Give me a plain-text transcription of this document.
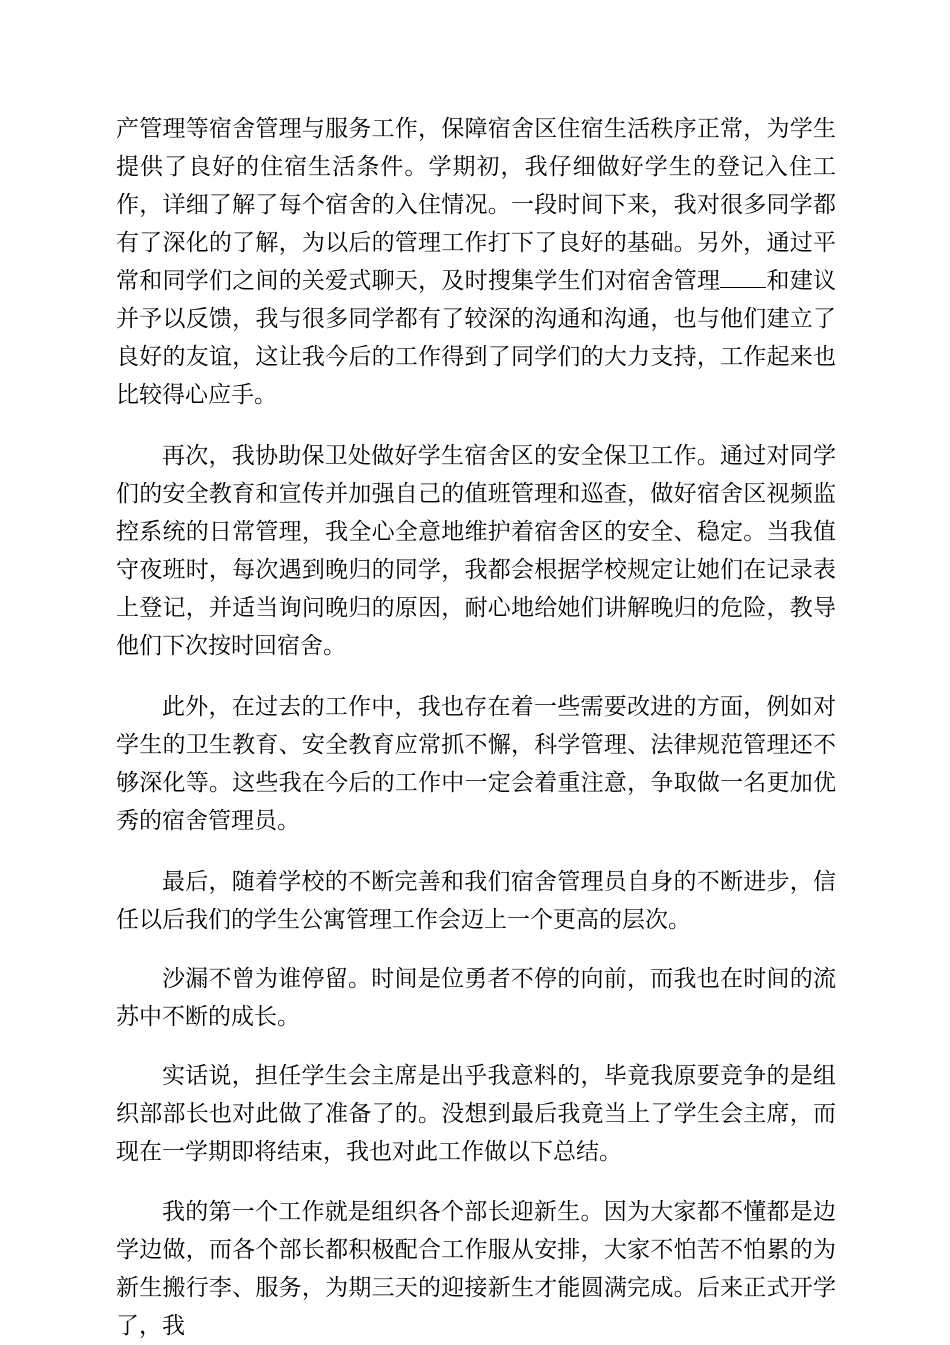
产管理等宿舍管理与服务工作，保障宿舍区住宿生活秩序正常，为学生提供了良好的住宿生活条件。学期初，我仔细做好学生的登记入住工作，详细了解了每个宿舍的入住情况。一段时间下来，我对很多同学都有了深化的了解，为以后的管理工作打下了良好的基础。另外，通过平常和同学们之间的关爱式聊天，及时搜集学生们对宿舍管理 和建议并予以反馈，我与很多同学都有了较深的沟通和沟通，也与他们建立了良好的友谊，这让我今后的工作得到了同学们的大力支持，工作起来也比较得心应手。

再次，我协助保卫处做好学生宿舍区的安全保卫工作。通过对同学们的安全教育和宣传并加强自己的值班管理和巡查，做好宿舍区视频监控系统的日常管理，我全心全意地维护着宿舍区的安全、稳定。当我值守夜班时，每次遇到晚归的同学，我都会根据学校规定让她们在记录表上登记，并适当询问晚归的原因，耐心地给她们讲解晚归的危险，教导他们下次按时回宿舍。

此外，在过去的工作中，我也存在着一些需要改进的方面，例如对学生的卫生教育、安全教育应常抓不懈，科学管理、法律规范管理还不够深化等。这些我在今后的工作中一定会着重注意，争取做一名更加优秀的宿舍管理员。

最后，随着学校的不断完善和我们宿舍管理员自身的不断进步，信任以后我们的学生公寓管理工作会迈上一个更高的层次。

沙漏不曾为谁停留。时间是位勇者不停的向前，而我也在时间的流苏中不断的成长。

实话说，担任学生会主席是出乎我意料的，毕竟我原要竞争的是组织部部长也对此做了准备了的。没想到最后我竟当上了学生会主席，而现在一学期即将结束，我也对此工作做以下总结。

我的第一个工作就是组织各个部长迎新生。因为大家都不懂都是边学边做，而各个部长都积极配合工作服从安排，大家不怕苦不怕累的为新生搬行李、服务，为期三天的迎接新生才能圆满完成。后来正式开学了，我
